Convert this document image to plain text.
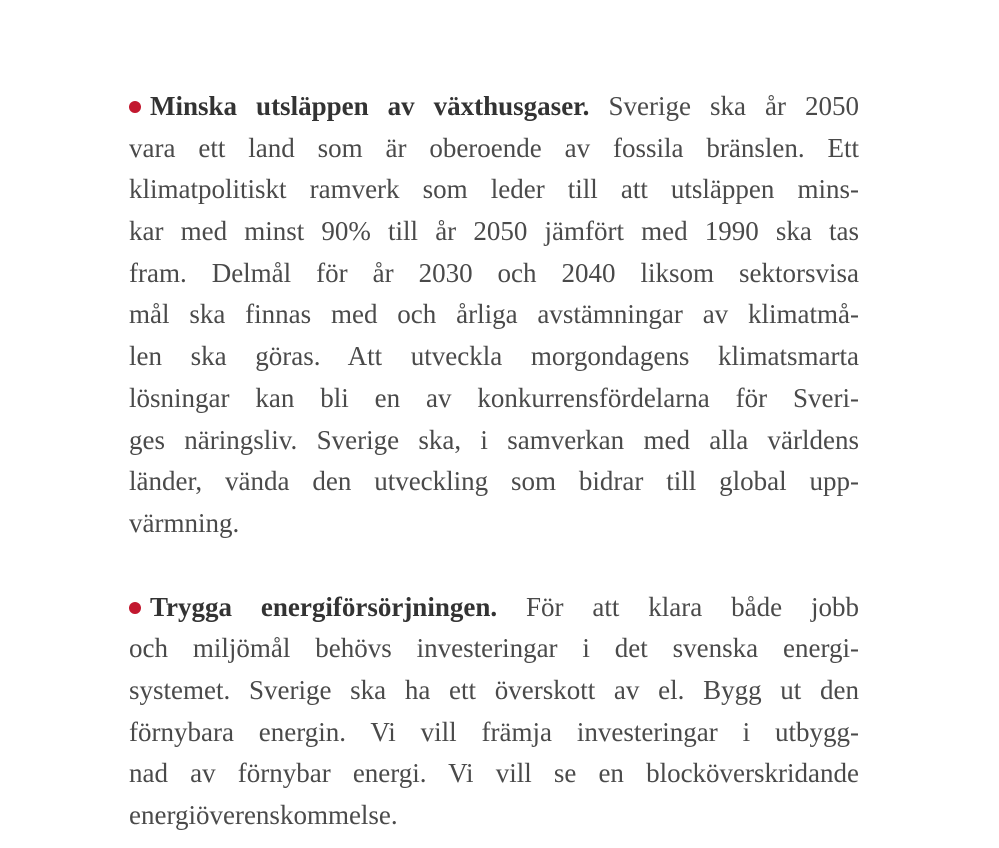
Minska utsläppen av växthusgaser. Sverige ska år 2050
vara ett land som är oberoende av fossila bränslen. Ett
klimatpolitiskt ramverk som leder till att utsläppen mins-
kar med minst 90% till år 2050 jämfört med 1990 ska tas
fram. Delmål för år 2030 och 2040 liksom sektorsvisa
mål ska finnas med och årliga avstämningar av klimatmå-
len ska göras. Att utveckla morgondagens klimatsmarta
lösningar kan bli en av konkurrensfördelarna för Sveri-
ges näringsliv. Sverige ska, i samverkan med alla världens
länder, vända den utveckling som bidrar till global upp-
värmning.
Trygga energiförsörjningen. För att klara både jobb
och miljömål behövs investeringar i det svenska energi-
systemet. Sverige ska ha ett överskott av el. Bygg ut den
förnybara energin. Vi vill främja investeringar i utbygg-
nad av förnybar energi. Vi vill se en blocköverskridande
energiöverenskommelse.
